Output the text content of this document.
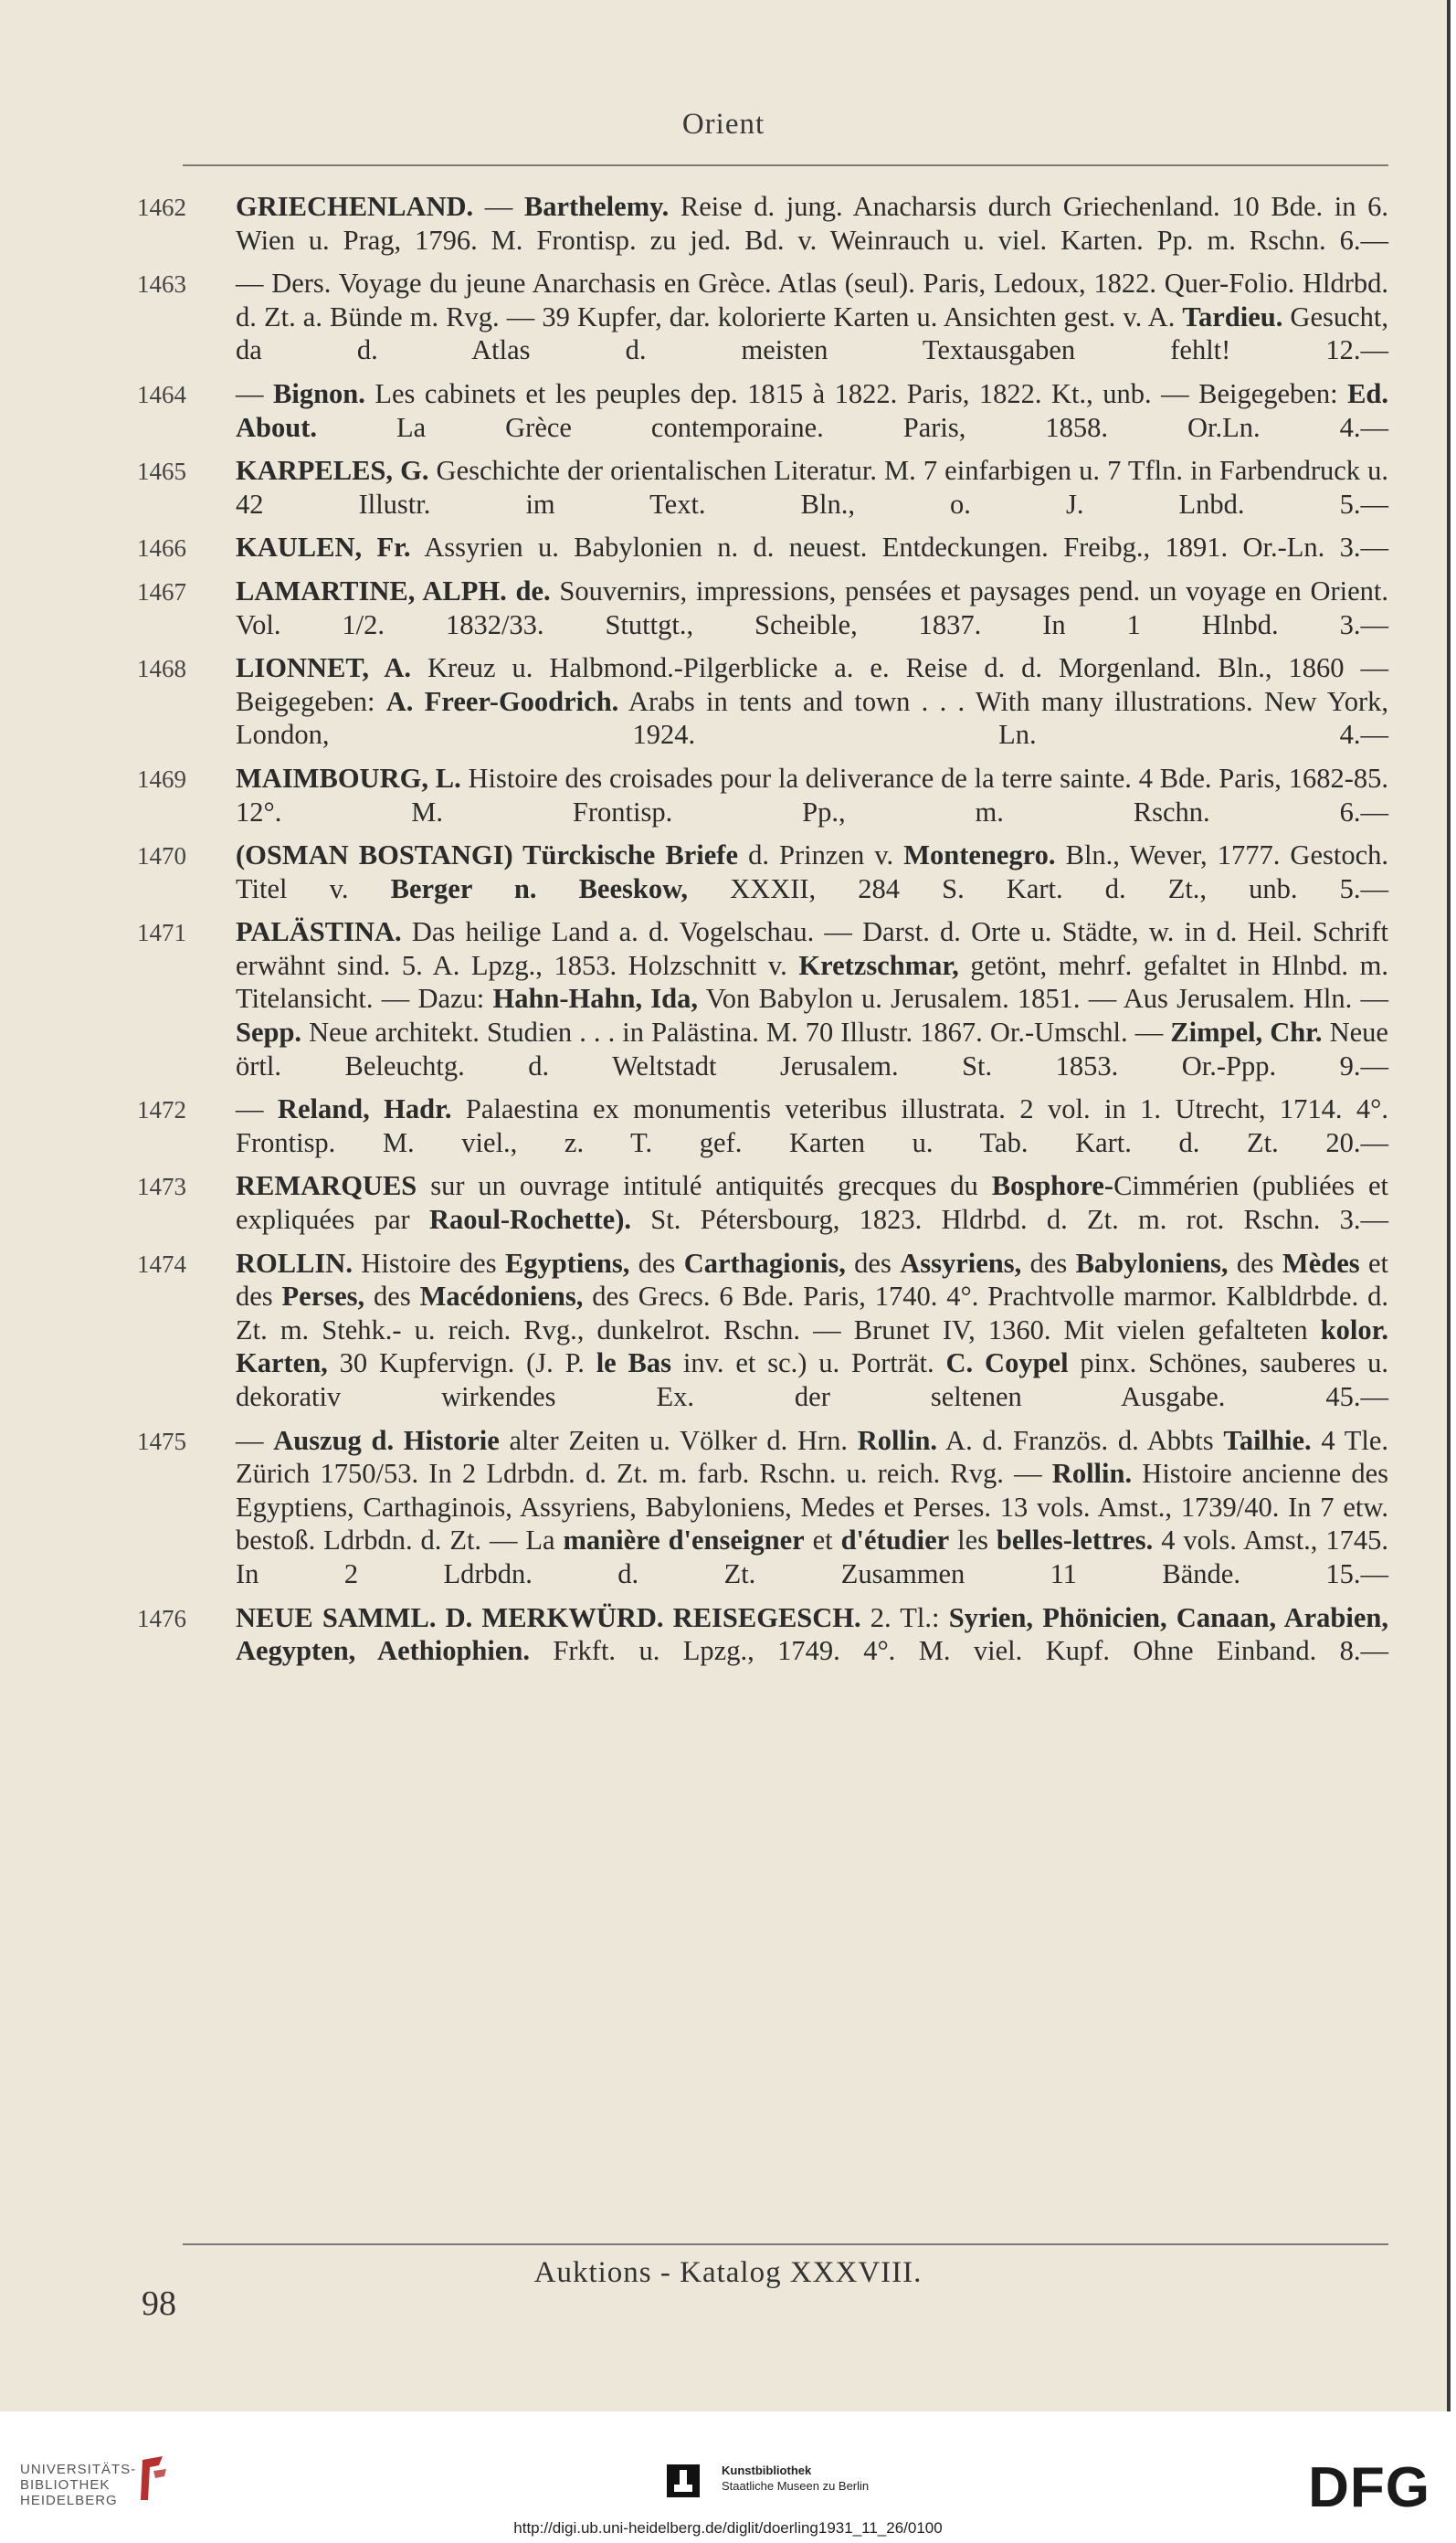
Orient
1462	GRIECHENLAND. — Barthelemy. Reise d. jung. Anacharsis durch Griechenland. 10 Bde. in 6. Wien u. Prag, 1796. M. Frontisp. zu jed. Bd. v. Weinrauch u. viel. Karten. Pp. m. Rschn. 6.—
1463	— Ders. Voyage du jeune Anarchasis en Grèce. Atlas (seul). Paris, Ledoux, 1822. Quer-Folio. Hldrbd. d. Zt. a. Bünde m. Rvg. — 39 Kupfer, dar. kolorierte Karten u. Ansichten gest. v. A. Tardieu. Gesucht, da d. Atlas d. meisten Textausgaben fehlt! 12.—
1464	— Bignon. Les cabinets et les peuples dep. 1815 à 1822. Paris, 1822. Kt., unb. — Beigegeben: Ed. About. La Grèce contemporaine. Paris, 1858. Or.Ln. 4.—
1465	KARPELES, G. Geschichte der orientalischen Literatur. M. 7 einfarbigen u. 7 Tfln. in Farbendruck u. 42 Illustr. im Text. Bln., o. J. Lnbd. 5.—
1466	KAULEN, Fr. Assyrien u. Babylonien n. d. neuest. Entdeckungen. Freibg., 1891. Or.-Ln. 3.—
1467	LAMARTINE, ALPH. de. Souvernirs, impressions, pensées et paysages pend. un voyage en Orient. Vol. 1/2. 1832/33. Stuttgt., Scheible, 1837. In 1 Hlnbd. 3.—
1468	LIONNET, A. Kreuz u. Halbmond.-Pilgerblicke a. e. Reise d. d. Morgenland. Bln., 1860 — Beigegeben: A. Freer-Goodrich. Arabs in tents and town . . . With many illustrations. New York, London, 1924. Ln. 4.—
1469	MAIMBOURG, L. Histoire des croisades pour la deliverance de la terre sainte. 4 Bde. Paris, 1682-85. 12°. M. Frontisp. Pp., m. Rschn. 6.—
1470	(OSMAN BOSTANGI) Türckische Briefe d. Prinzen v. Montenegro. Bln., Wever, 1777. Gestoch. Titel v. Berger n. Beeskow, XXXII, 284 S. Kart. d. Zt., unb. 5.—
1471	PALÄSTINA. Das heilige Land a. d. Vogelschau. — Darst. d. Orte u. Städte, w. in d. Heil. Schrift erwähnt sind. 5. A. Lpzg., 1853. Holzschnitt v. Kretzschmar, getönt, mehrf. gefaltet in Hlnbd. m. Titelansicht. — Dazu: Hahn-Hahn, Ida, Von Babylon u. Jerusalem. 1851. — Aus Jerusalem. Hln. — Sepp. Neue architekt. Studien . . . in Palästina. M. 70 Illustr. 1867. Or.-Umschl. — Zimpel, Chr. Neue örtl. Beleuchtg. d. Weltstadt Jerusalem. St. 1853. Or.-Ppp. 9.—
1472	— Reland, Hadr. Palaestina ex monumentis veteribus illustrata. 2 vol. in 1. Utrecht, 1714. 4°. Frontisp. M. viel., z. T. gef. Karten u. Tab. Kart. d. Zt. 20.—
1473	REMARQUES sur un ouvrage intitulé antiquités grecques du Bosphore-Cimmérien (publiées et expliquées par Raoul-Rochette). St. Pétersbourg, 1823. Hldrbd. d. Zt. m. rot. Rschn. 3.—
1474	ROLLIN. Histoire des Egyptiens, des Carthagionis, des Assyriens, des Babyloniens, des Mèdes et des Perses, des Macédoniens, des Grecs. 6 Bde. Paris, 1740. 4°. Prachtvolle marmor. Kalbldrbde. d. Zt. m. Stehk.- u. reich. Rvg., dunkelrot. Rschn. — Brunet IV, 1360. Mit vielen gefalteten kolor. Karten, 30 Kupfervign. (J. P. le Bas inv. et sc.) u. Porträt. C. Coypel pinx. Schönes, sauberes u. dekorativ wirkendes Ex. der seltenen Ausgabe. 45.—
1475	— Auszug d. Historie alter Zeiten u. Völker d. Hrn. Rollin. A. d. Französ. d. Abbts Tailhie. 4 Tle. Zürich 1750/53. In 2 Ldrbdn. d. Zt. m. farb. Rschn. u. reich. Rvg. — Rollin. Histoire ancienne des Egyptiens, Carthaginois, Assyriens, Babyloniens, Medes et Perses. 13 vols. Amst., 1739/40. In 7 etw. bestoß. Ldrbdn. d. Zt. — La manière d'enseigner et d'étudier les belles-lettres. 4 vols. Amst., 1745. In 2 Ldrbdn. d. Zt. Zusammen 11 Bände. 15.—
1476	NEUE SAMML. D. MERKWÜRD. REISEGESCH. 2. Tl.: Syrien, Phönicien, Canaan, Arabien, Aegypten, Aethiophien. Frkft. u. Lpzg., 1749. 4°. M. viel. Kupf. Ohne Einband. 8.—
Auktions - Katalog XXXVIII.
98
UNIVERSITÄTS-
BIBLIOTHEK
HEIDELBERG
Kunstbibliothek
Staatliche Museen zu Berlin	DFG
http://digi.ub.uni-heidelberg.de/diglit/doerling1931_11_26/0100
